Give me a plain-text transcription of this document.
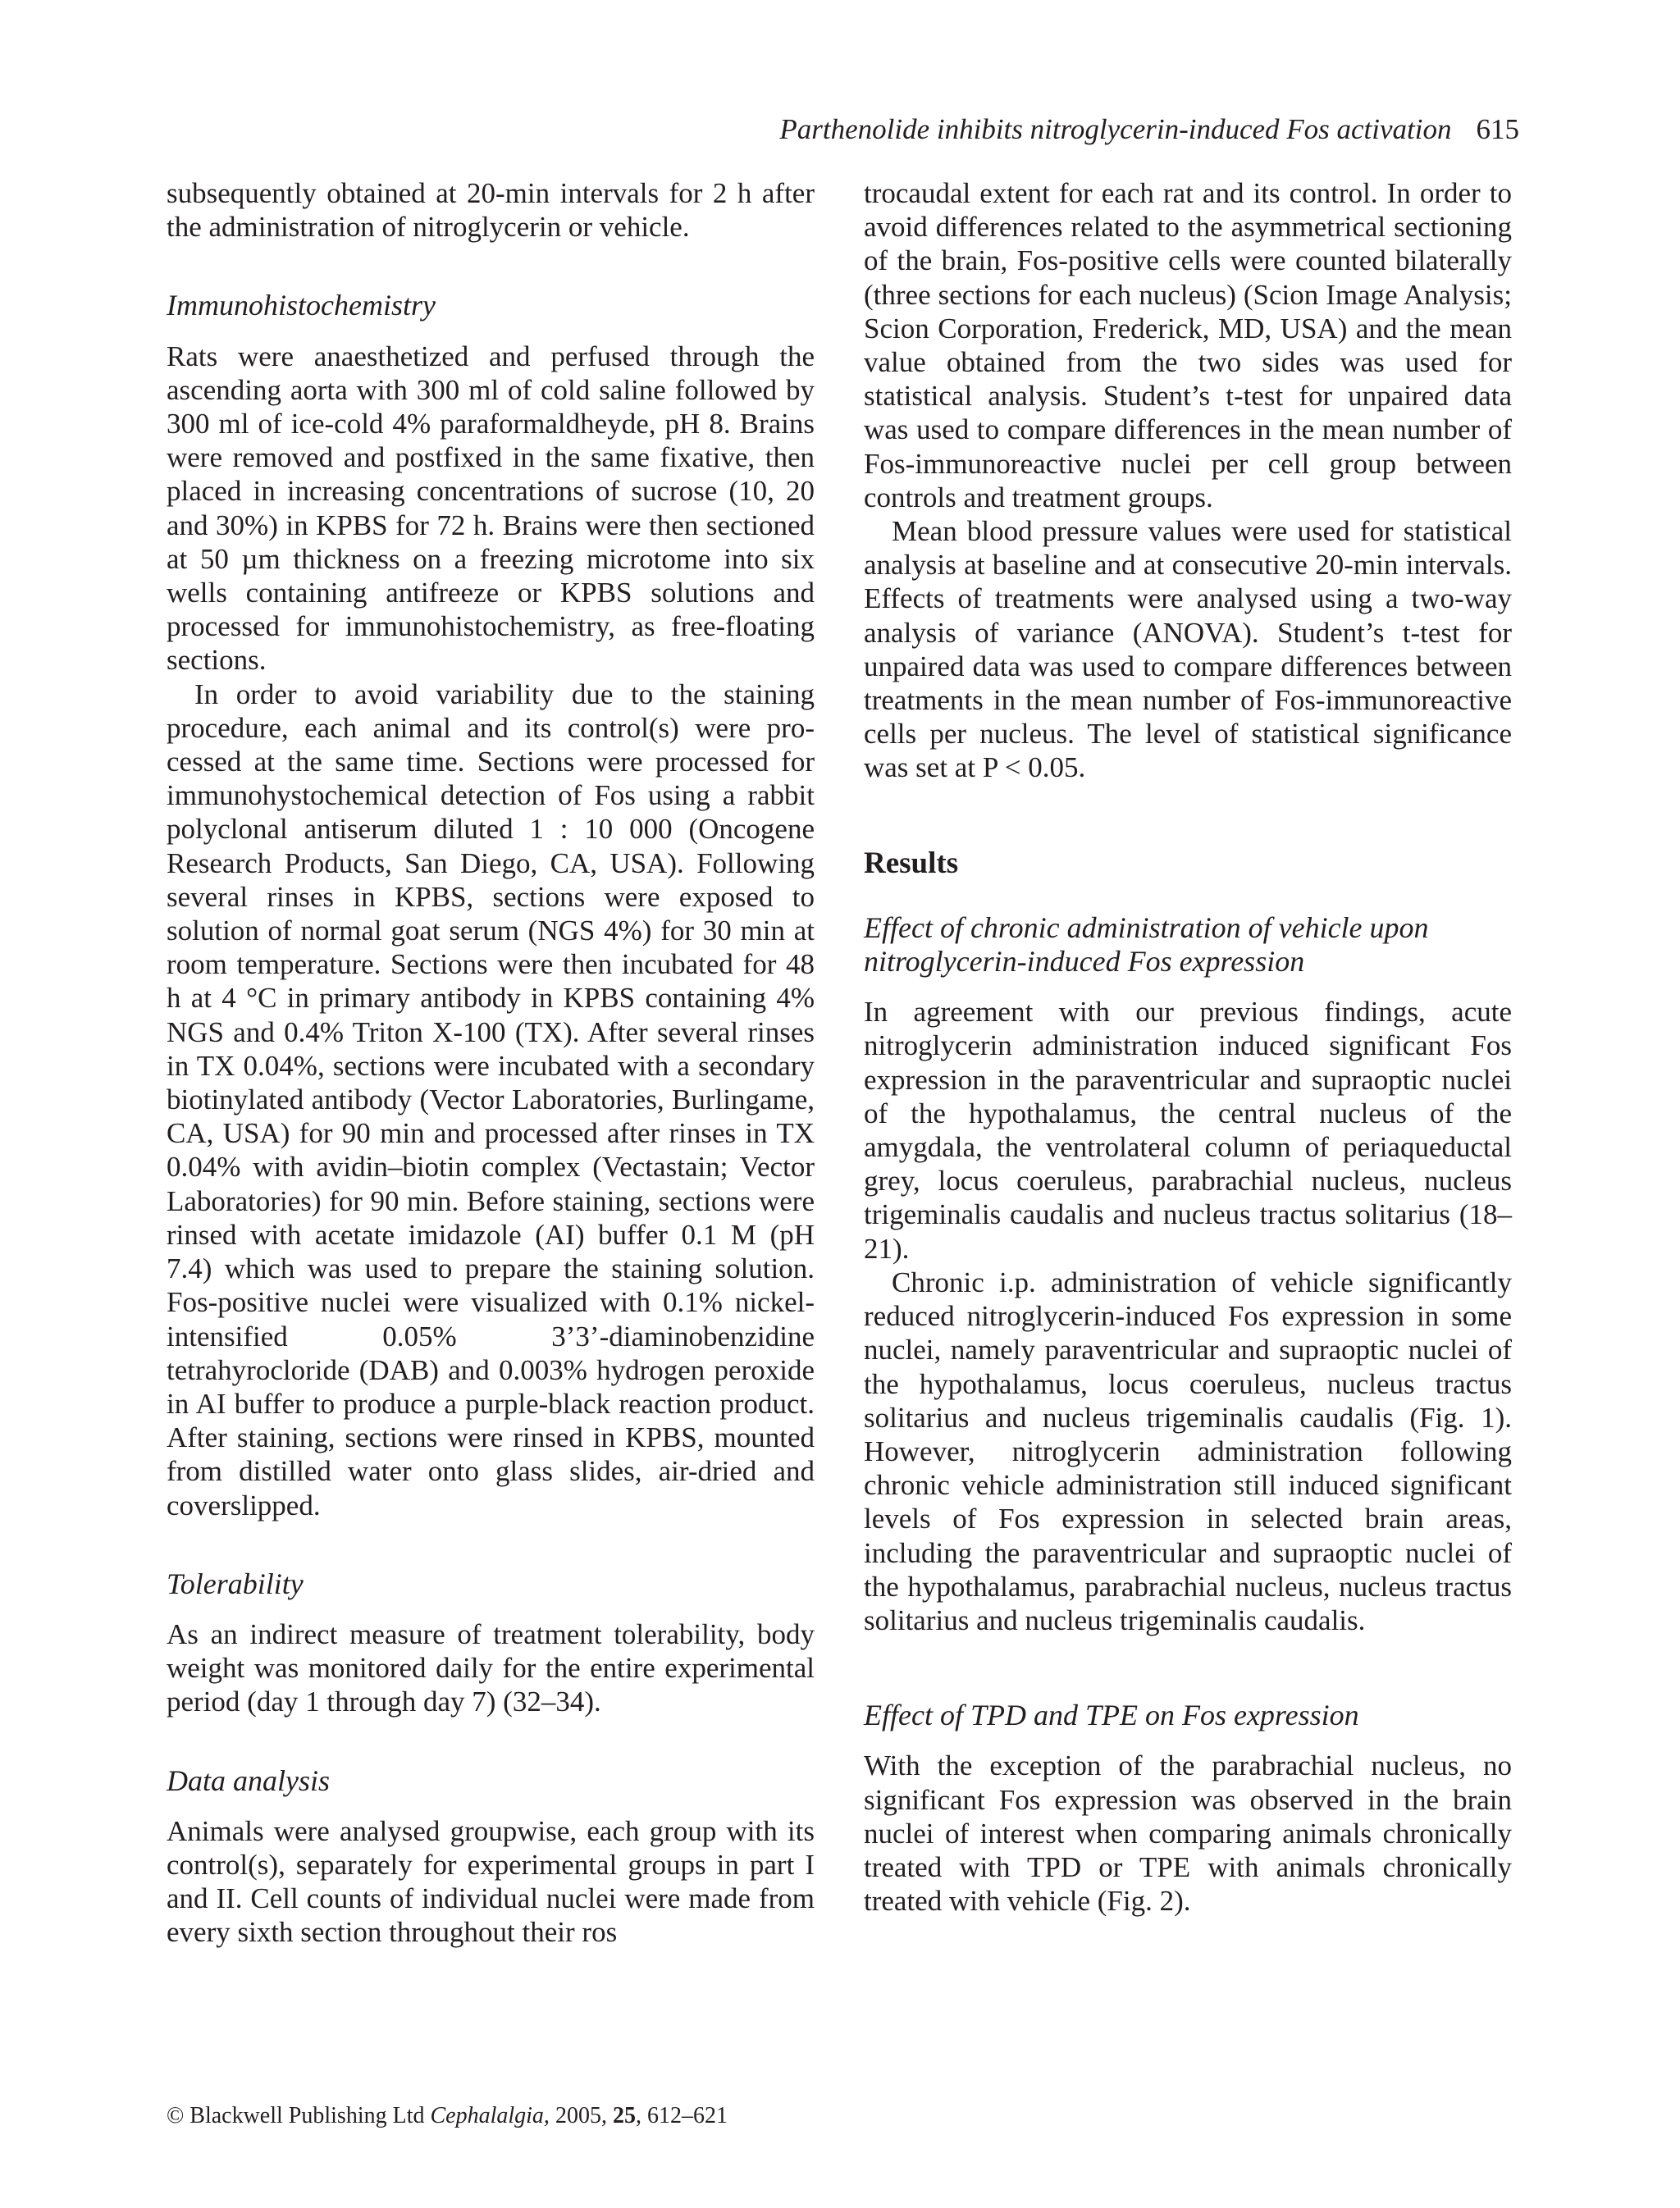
Parthenolide inhibits nitroglycerin-induced Fos activation 615

subsequently obtained at 20-min intervals for 2 h after the administration of nitroglycerin or vehicle.

Immunohistochemistry

Rats were anaesthetized and perfused through the ascending aorta with 300 ml of cold saline followed by 300 ml of ice-cold 4% paraformaldheyde, pH 8. Brains were removed and postfixed in the same fixative, then placed in increasing concentrations of sucrose (10, 20 and 30%) in KPBS for 72 h. Brains were then sectioned at 50 µm thickness on a freezing microtome into six wells containing antifreeze or KPBS solutions and processed for immunohistochemistry, as free-floating sections.

In order to avoid variability due to the staining procedure, each animal and its control(s) were processed at the same time. Sections were processed for immunohystochemical detection of Fos using a rabbit polyclonal antiserum diluted 1 : 10 000 (Oncogene Research Products, San Diego, CA, USA). Following several rinses in KPBS, sections were exposed to solution of normal goat serum (NGS 4%) for 30 min at room temperature. Sections were then incubated for 48 h at 4 °C in primary antibody in KPBS containing 4% NGS and 0.4% Triton X-100 (TX). After several rinses in TX 0.04%, sections were incubated with a secondary biotinylated antibody (Vector Laboratories, Burlingame, CA, USA) for 90 min and processed after rinses in TX 0.04% with avidin–biotin complex (Vectastain; Vector Laboratories) for 90 min. Before staining, sections were rinsed with acetate imidazole (AI) buffer 0.1 M (pH 7.4) which was used to prepare the staining solution. Fos-positive nuclei were visualized with 0.1% nickel-intensified 0.05% 3’3’-diaminobenzidine tetrahyrocloride (DAB) and 0.003% hydrogen peroxide in AI buffer to produce a purple-black reaction product. After staining, sections were rinsed in KPBS, mounted from distilled water onto glass slides, air-dried and coverslipped.

Tolerability

As an indirect measure of treatment tolerability, body weight was monitored daily for the entire experimental period (day 1 through day 7) (32–34).

Data analysis

Animals were analysed groupwise, each group with its control(s), separately for experimental groups in part I and II. Cell counts of individual nuclei were made from every sixth section throughout their ros

trocaudal extent for each rat and its control. In order to avoid differences related to the asymmetrical sectioning of the brain, Fos-positive cells were counted bilaterally (three sections for each nucleus) (Scion Image Analysis; Scion Corporation, Frederick, MD, USA) and the mean value obtained from the two sides was used for statistical analysis. Student’s t-test for unpaired data was used to compare differences in the mean number of Fos-immunoreactive nuclei per cell group between controls and treatment groups.

Mean blood pressure values were used for statistical analysis at baseline and at consecutive 20-min intervals. Effects of treatments were analysed using a two-way analysis of variance (ANOVA). Student’s t-test for unpaired data was used to compare differences between treatments in the mean number of Fos-immunoreactive cells per nucleus. The level of statistical significance was set at P < 0.05.

Results
Effect of chronic administration of vehicle upon nitroglycerin-induced Fos expression

In agreement with our previous findings, acute nitroglycerin administration induced significant Fos expression in the paraventricular and supraoptic nuclei of the hypothalamus, the central nucleus of the amygdala, the ventrolateral column of periaqueductal grey, locus coeruleus, parabrachial nucleus, nucleus trigeminalis caudalis and nucleus tractus solitarius (18–21).

Chronic i.p. administration of vehicle significantly reduced nitroglycerin-induced Fos expression in some nuclei, namely paraventricular and supraoptic nuclei of the hypothalamus, locus coeruleus, nucleus tractus solitarius and nucleus trigeminalis caudalis (Fig. 1). However, nitroglycerin administration following chronic vehicle administration still induced significant levels of Fos expression in selected brain areas, including the paraventricular and supraoptic nuclei of the hypothalamus, parabrachial nucleus, nucleus tractus solitarius and nucleus trigeminalis caudalis.

Effect of TPD and TPE on Fos expression

With the exception of the parabrachial nucleus, no significant Fos expression was observed in the brain nuclei of interest when comparing animals chronically treated with TPD or TPE with animals chronically treated with vehicle (Fig. 2).

© Blackwell Publishing Ltd Cephalalgia, 2005, 25, 612–621
